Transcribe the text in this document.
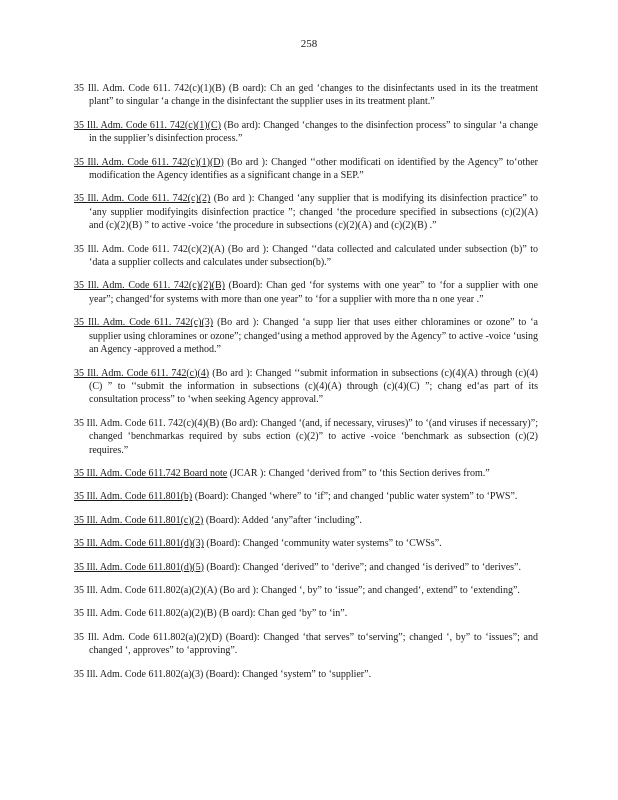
258

35 Ill. Adm. Code 611. 742(c)(1)(B) (B oard): Ch an ged ‘changes to the disinfectants used in its the treatment plant” to singular ‘a change in the disinfectant the supplier uses in its treatment plant.”

35 Ill. Adm. Code 611. 742(c)(1)(C) (Bo ard): Changed ‘changes to the disinfection process” to singular ‘a change in the supplier’s disinfection process.”

35 Ill. Adm. Code 611. 742(c)(1)(D) (Bo ard ): Changed ‘‘other modificati on identified by the Agency” to‘other modification the Agency identifies as a significant change in a SEP.”

35 Ill. Adm. Code 611. 742(c)(2) (Bo ard ): Changed ‘any supplier that is modifying its disinfection practice” to ‘any supplier modifyingits disinfection practice ”; changed ‘the procedure specified in subsections (c)(2)(A) and (c)(2)(B) ” to active -voice ‘the procedure in subsections (c)(2)(A) and (c)(2)(B) .”

35 Ill. Adm. Code 611. 742(c)(2)(A) (Bo ard ): Changed ‘‘data collected and calculated under subsection (b)” to ‘data a supplier collects and calculates under subsection(b).”

35 Ill. Adm. Code 611. 742(c)(2)(B) (Board): Chan ged ‘for systems with one year” to ‘for a supplier with one year”; changed‘for systems with more than one year” to ‘for a supplier with more tha n one year .”

35 Ill. Adm. Code 611. 742(c)(3) (Bo ard ): Changed ‘a supp lier that uses either chloramines or ozone” to ‘a supplier using chloramines or ozone”; changed‘using a method approved by the Agency” to active -voice ‘using an Agency -approved a method.”

35 Ill. Adm. Code 611. 742(c)(4) (Bo ard ): Changed ‘‘submit information in subsections (c)(4)(A) through (c)(4)(C) ” to ‘‘submit the information in subsections (c)(4)(A) through (c)(4)(C) ”; chang ed‘as part of its consultation process” to ‘when seeking Agency approval.”

35 Ill. Adm. Code 611. 742(c)(4)(B) (Bo ard): Changed ‘(and, if necessary, viruses)” to ‘(and viruses if necessary)”; changed ‘benchmarkas required by subs ection (c)(2)” to active -voice ‘benchmark as subsection (c)(2) requires.”

35 Ill. Adm. Code 611.742 Board note (JCAR ): Changed ‘derived from” to ‘this Section derives from.”

35 Ill. Adm. Code 611.801(b) (Board): Changed ‘where” to ‘if”; and changed ‘public water system” to ‘PWS”.

35 Ill. Adm. Code 611.801(c)(2) (Board): Added ‘any”after ‘including”.

35 Ill. Adm. Code 611.801(d)(3) (Board): Changed ‘community water systems” to ‘CWSs”.

35 Ill. Adm. Code 611.801(d)(5) (Board): Changed ‘derived” to ‘derive”; and changed ‘is derived” to ‘derives”.

35 Ill. Adm. Code 611.802(a)(2)(A) (Bo ard ): Changed ‘, by” to ‘issue”; and changed‘, extend” to ‘extending”.

35 Ill. Adm. Code 611.802(a)(2)(B) (B oard): Chan ged ‘by” to ‘in”.

35 Ill. Adm. Code 611.802(a)(2)(D) (Board): Changed ‘that serves” to‘serving”; changed ‘, by” to ‘issues”; and changed ‘, approves” to ‘approving”.

35 Ill. Adm. Code 611.802(a)(3) (Board): Changed ‘system” to ‘supplier”.
